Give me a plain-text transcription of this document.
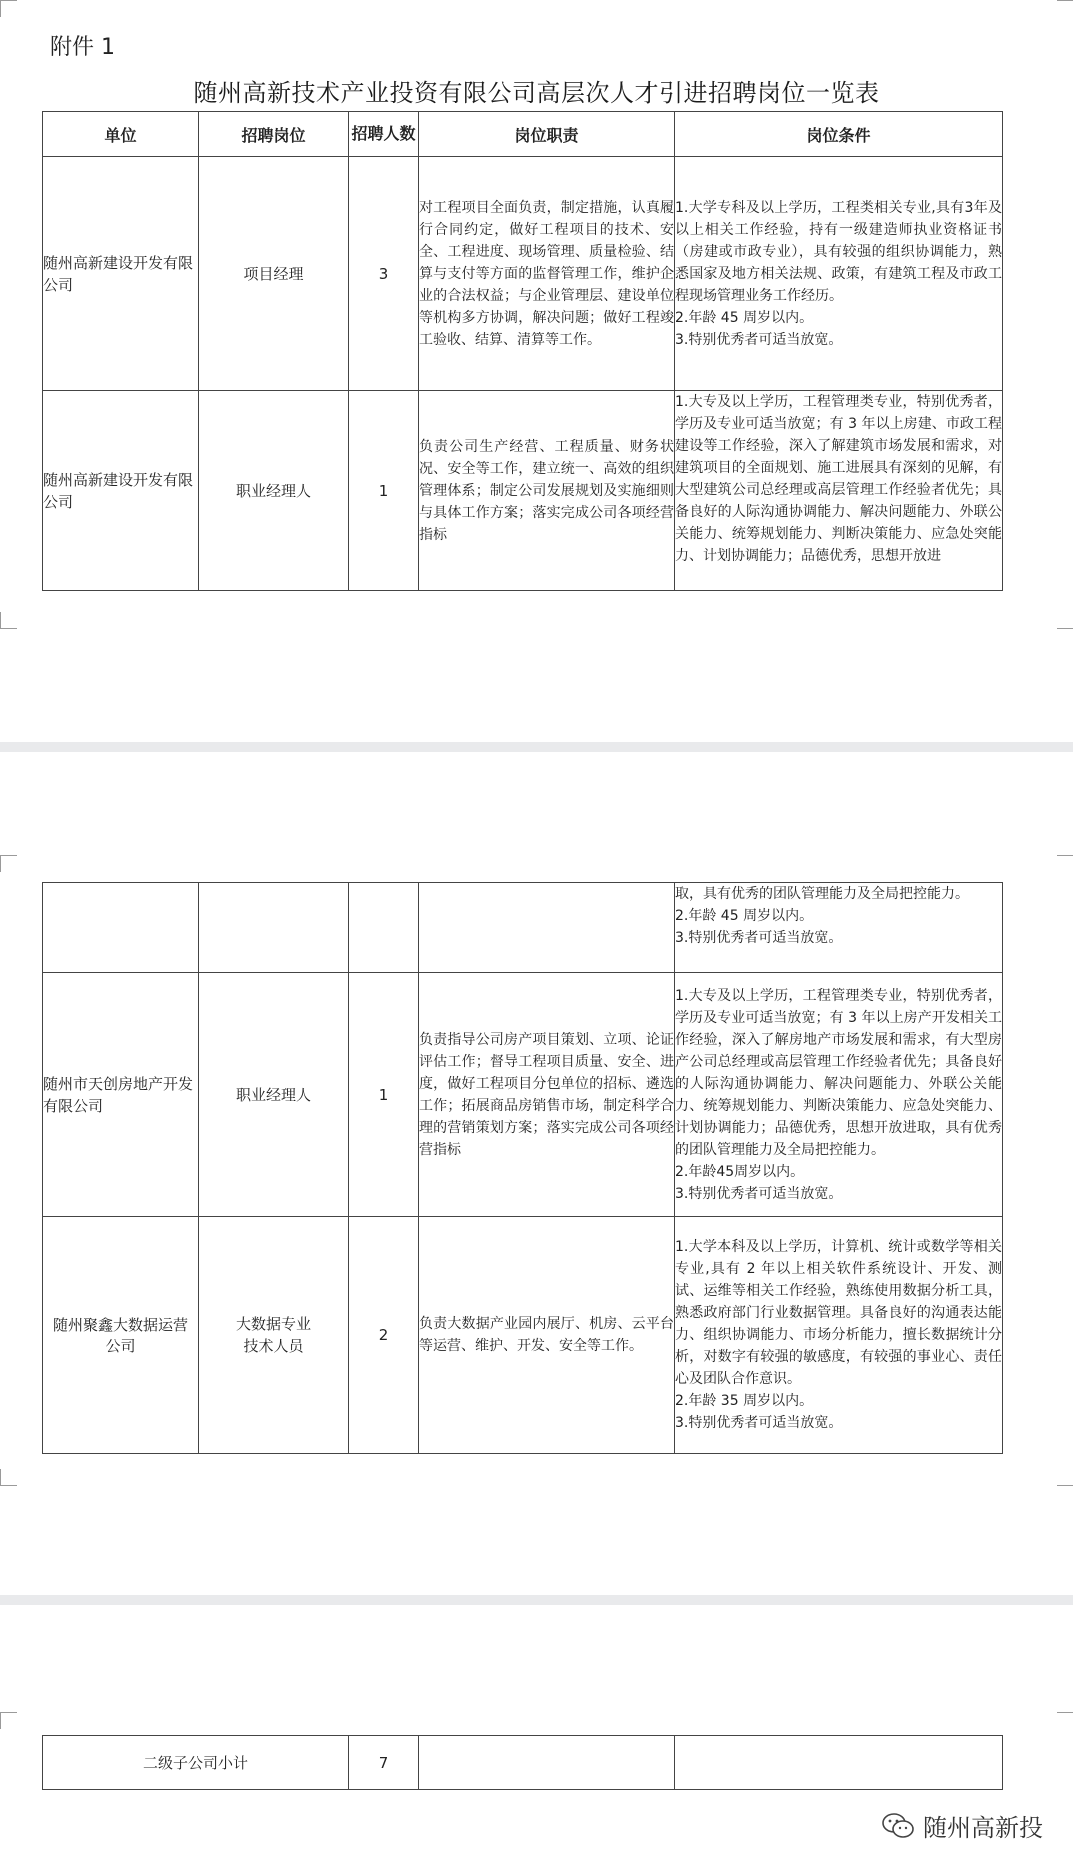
附件 1
随州高新技术产业投资有限公司高层次人才引进招聘岗位一览表
单位	招聘岗位	招聘人数	岗位职责	岗位条件
随州高新建设开发有限公司	项目经理	3	对工程项目全面负责，制定措施，认真履行合同约定，做好工程项目的技术、安全、工程进度、现场管理、质量检验、结算与支付等方面的监督管理工作，维护企业的合法权益；与企业管理层、建设单位等机构多方协调，解决问题；做好工程竣工验收、结算、清算等工作。	1.大学专科及以上学历，工程类相关专业,具有3年及以上相关工作经验，持有一级建造师执业资格证书（房建或市政专业），具有较强的组织协调能力，熟悉国家及地方相关法规、政策，有建筑工程及市政工程现场管理业务工作经历。
2.年龄 45 周岁以内。
3.特别优秀者可适当放宽。

随州高新建设开发有限公司	职业经理人	1	负责公司生产经营、工程质量、财务状况、安全等工作，建立统一、高效的组织管理体系；制定公司发展规划及实施细则与具体工作方案；落实完成公司各项经营指标	1.大专及以上学历，工程管理类专业，特别优秀者，学历及专业可适当放宽；有 3 年以上房建、市政工程建设等工作经验，深入了解建筑市场发展和需求，对建筑项目的全面规划、施工进展具有深刻的见解，有大型建筑公司总经理或高层管理工作经验者优先；具备良好的人际沟通协调能力、解决问题能力、外联公关能力、统筹规划能力、判断决策能力、应急处突能力、计划协调能力；品德优秀，思想开放进

				取，具有优秀的团队管理能力及全局把控能力。
2.年龄 45 周岁以内。
3.特别优秀者可适当放宽。

随州市天创房地产开发有限公司	职业经理人	1	负责指导公司房产项目策划、立项、论证评估工作；督导工程项目质量、安全、进度，做好工程项目分包单位的招标、遴选工作；拓展商品房销售市场，制定科学合理的营销策划方案；落实完成公司各项经营指标	1.大专及以上学历，工程管理类专业，特别优秀者，学历及专业可适当放宽；有 3 年以上房产开发相关工作经验，深入了解房地产市场发展和需求，有大型房产公司总经理或高层管理工作经验者优先；具备良好的人际沟通协调能力、解决问题能力、外联公关能力、统筹规划能力、判断决策能力、应急处突能力、计划协调能力；品德优秀，思想开放进取，具有优秀的团队管理能力及全局把控能力。
2.年龄45周岁以内。
3.特别优秀者可适当放宽。

随州聚鑫大数据运营公司	大数据专业技术人员	2	负责大数据产业园内展厅、机房、云平台等运营、维护、开发、安全等工作。	1.大学本科及以上学历，计算机、统计或数学等相关专业,具有 2 年以上相关软件系统设计、开发、测试、运维等相关工作经验，熟练使用数据分析工具，熟悉政府部门行业数据管理。具备良好的沟通表达能力、组织协调能力、市场分析能力，擅长数据统计分析，对数字有较强的敏感度，有较强的事业心、责任心及团队合作意识。
2.年龄 35 周岁以内。
3.特别优秀者可适当放宽。
二级子公司小计	7		
随州高新投
